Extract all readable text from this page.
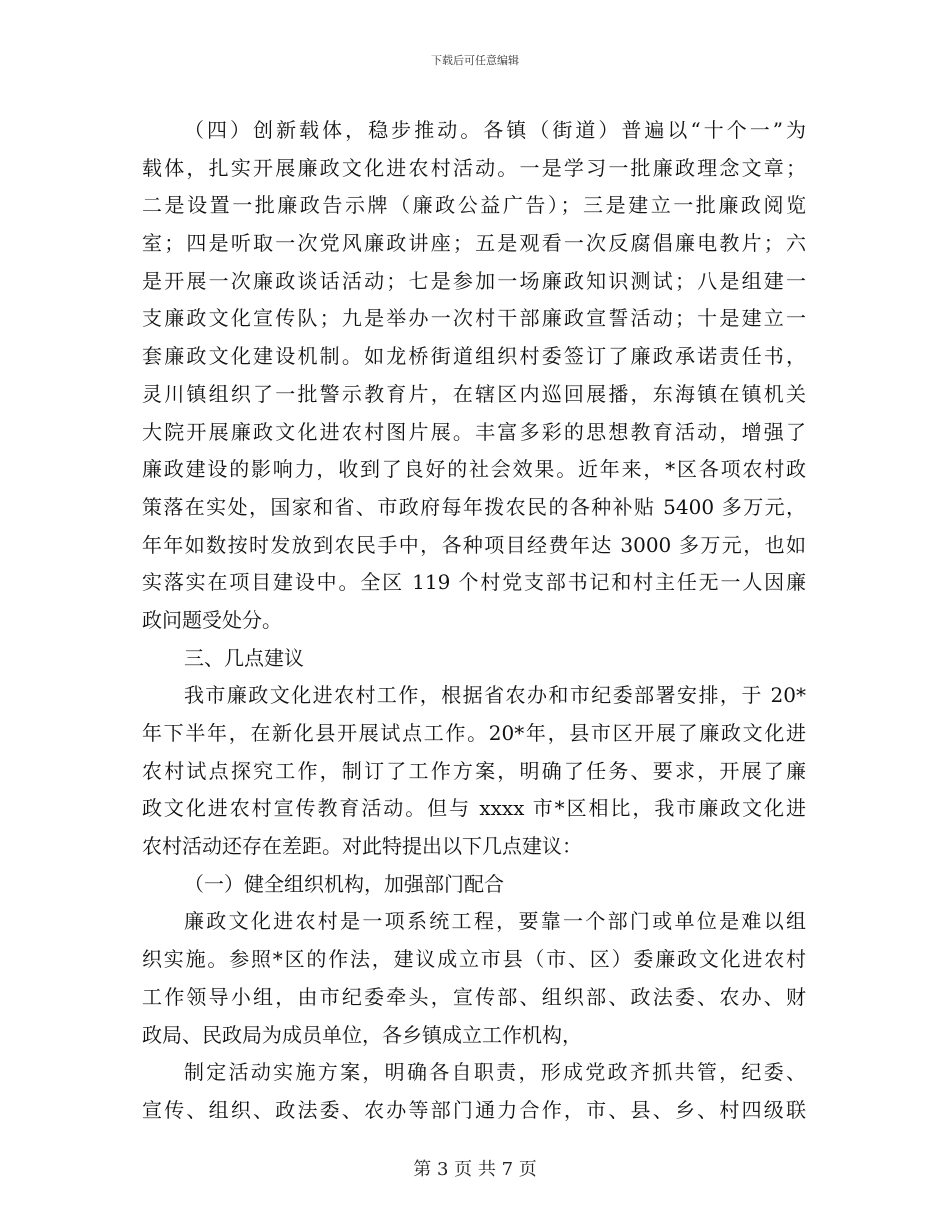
下载后可任意编辑
（四）创新载体，稳步推动。各镇（街道）普遍以“十个一”为
载体，扎实开展廉政文化进农村活动。一是学习一批廉政理念文章；
二是设置一批廉政告示牌（廉政公益广告）；三是建立一批廉政阅览
室；四是听取一次党风廉政讲座；五是观看一次反腐倡廉电教片；六
是开展一次廉政谈话活动；七是参加一场廉政知识测试；八是组建一
支廉政文化宣传队；九是举办一次村干部廉政宣誓活动；十是建立一
套廉政文化建设机制。如龙桥街道组织村委签订了廉政承诺责任书，
灵川镇组织了一批警示教育片，在辖区内巡回展播，东海镇在镇机关
大院开展廉政文化进农村图片展。丰富多彩的思想教育活动，增强了
廉政建设的影响力，收到了良好的社会效果。近年来，*区各项农村政
策落在实处，国家和省、市政府每年拨农民的各种补贴 5400 多万元，
年年如数按时发放到农民手中，各种项目经费年达 3000 多万元，也如
实落实在项目建设中。全区 119 个村党支部书记和村主任无一人因廉
政问题受处分。
三、几点建议
我市廉政文化进农村工作，根据省农办和市纪委部署安排，于 20*
年下半年，在新化县开展试点工作。20*年，县市区开展了廉政文化进
农村试点探究工作，制订了工作方案，明确了任务、要求，开展了廉
政文化进农村宣传教育活动。但与 xxxx 市*区相比，我市廉政文化进
农村活动还存在差距。对此特提出以下几点建议：
（一）健全组织机构，加强部门配合
廉政文化进农村是一项系统工程，要靠一个部门或单位是难以组
织实施。参照*区的作法，建议成立市县（市、区）委廉政文化进农村
工作领导小组，由市纪委牵头，宣传部、组织部、政法委、农办、财
政局、民政局为成员单位，各乡镇成立工作机构，
制定活动实施方案，明确各自职责，形成党政齐抓共管，纪委、
宣传、组织、政法委、农办等部门通力合作，市、县、乡、村四级联
第 3 页 共 7 页
